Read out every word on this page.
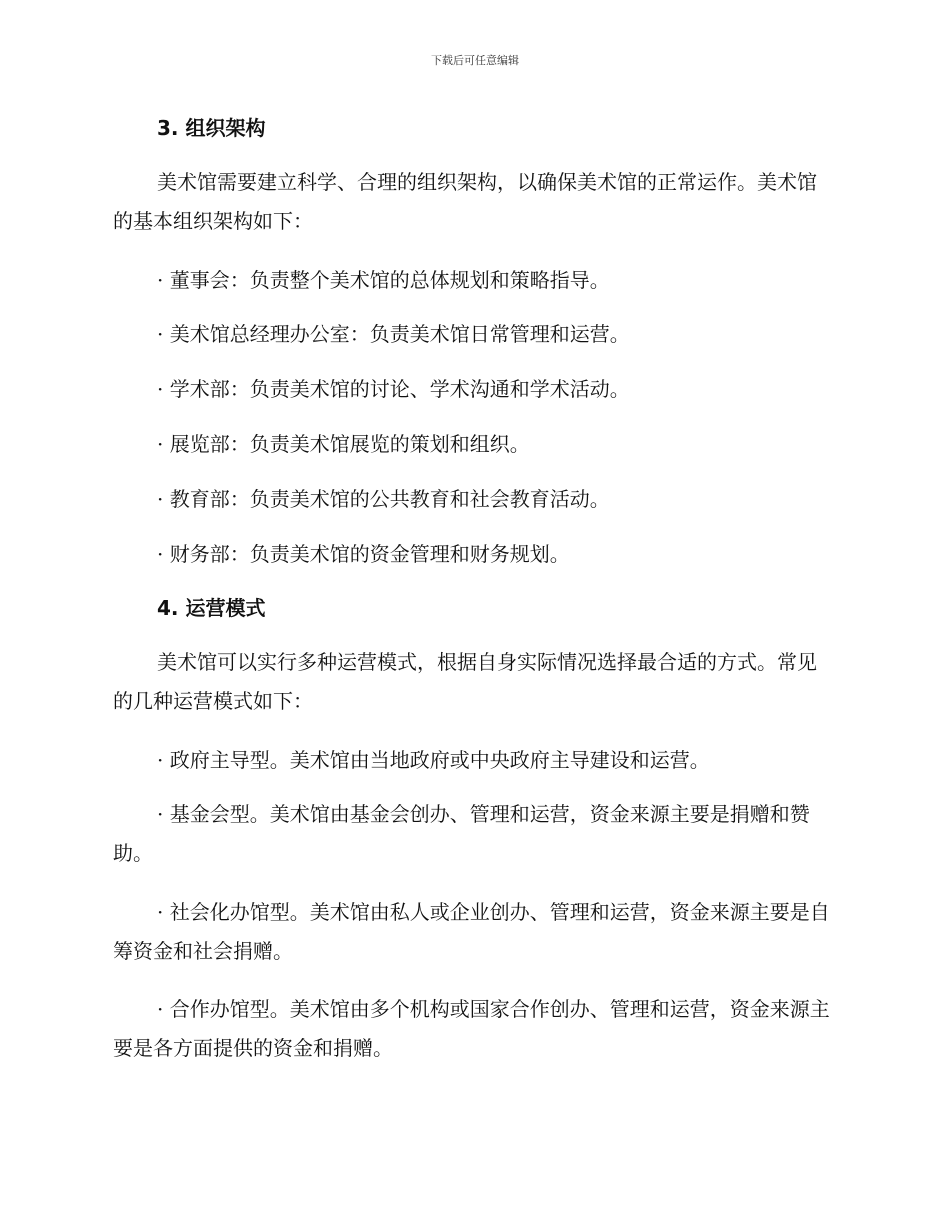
下载后可任意编辑
3. 组织架构
美术馆需要建立科学、合理的组织架构，以确保美术馆的正常运作。美术馆的基本组织架构如下：
· 董事会：负责整个美术馆的总体规划和策略指导。
· 美术馆总经理办公室：负责美术馆日常管理和运营。
· 学术部：负责美术馆的讨论、学术沟通和学术活动。
· 展览部：负责美术馆展览的策划和组织。
· 教育部：负责美术馆的公共教育和社会教育活动。
· 财务部：负责美术馆的资金管理和财务规划。
4. 运营模式
美术馆可以实行多种运营模式，根据自身实际情况选择最合适的方式。常见的几种运营模式如下：
· 政府主导型。美术馆由当地政府或中央政府主导建设和运营。
· 基金会型。美术馆由基金会创办、管理和运营，资金来源主要是捐赠和赞助。
· 社会化办馆型。美术馆由私人或企业创办、管理和运营，资金来源主要是自筹资金和社会捐赠。
· 合作办馆型。美术馆由多个机构或国家合作创办、管理和运营，资金来源主要是各方面提供的资金和捐赠。
